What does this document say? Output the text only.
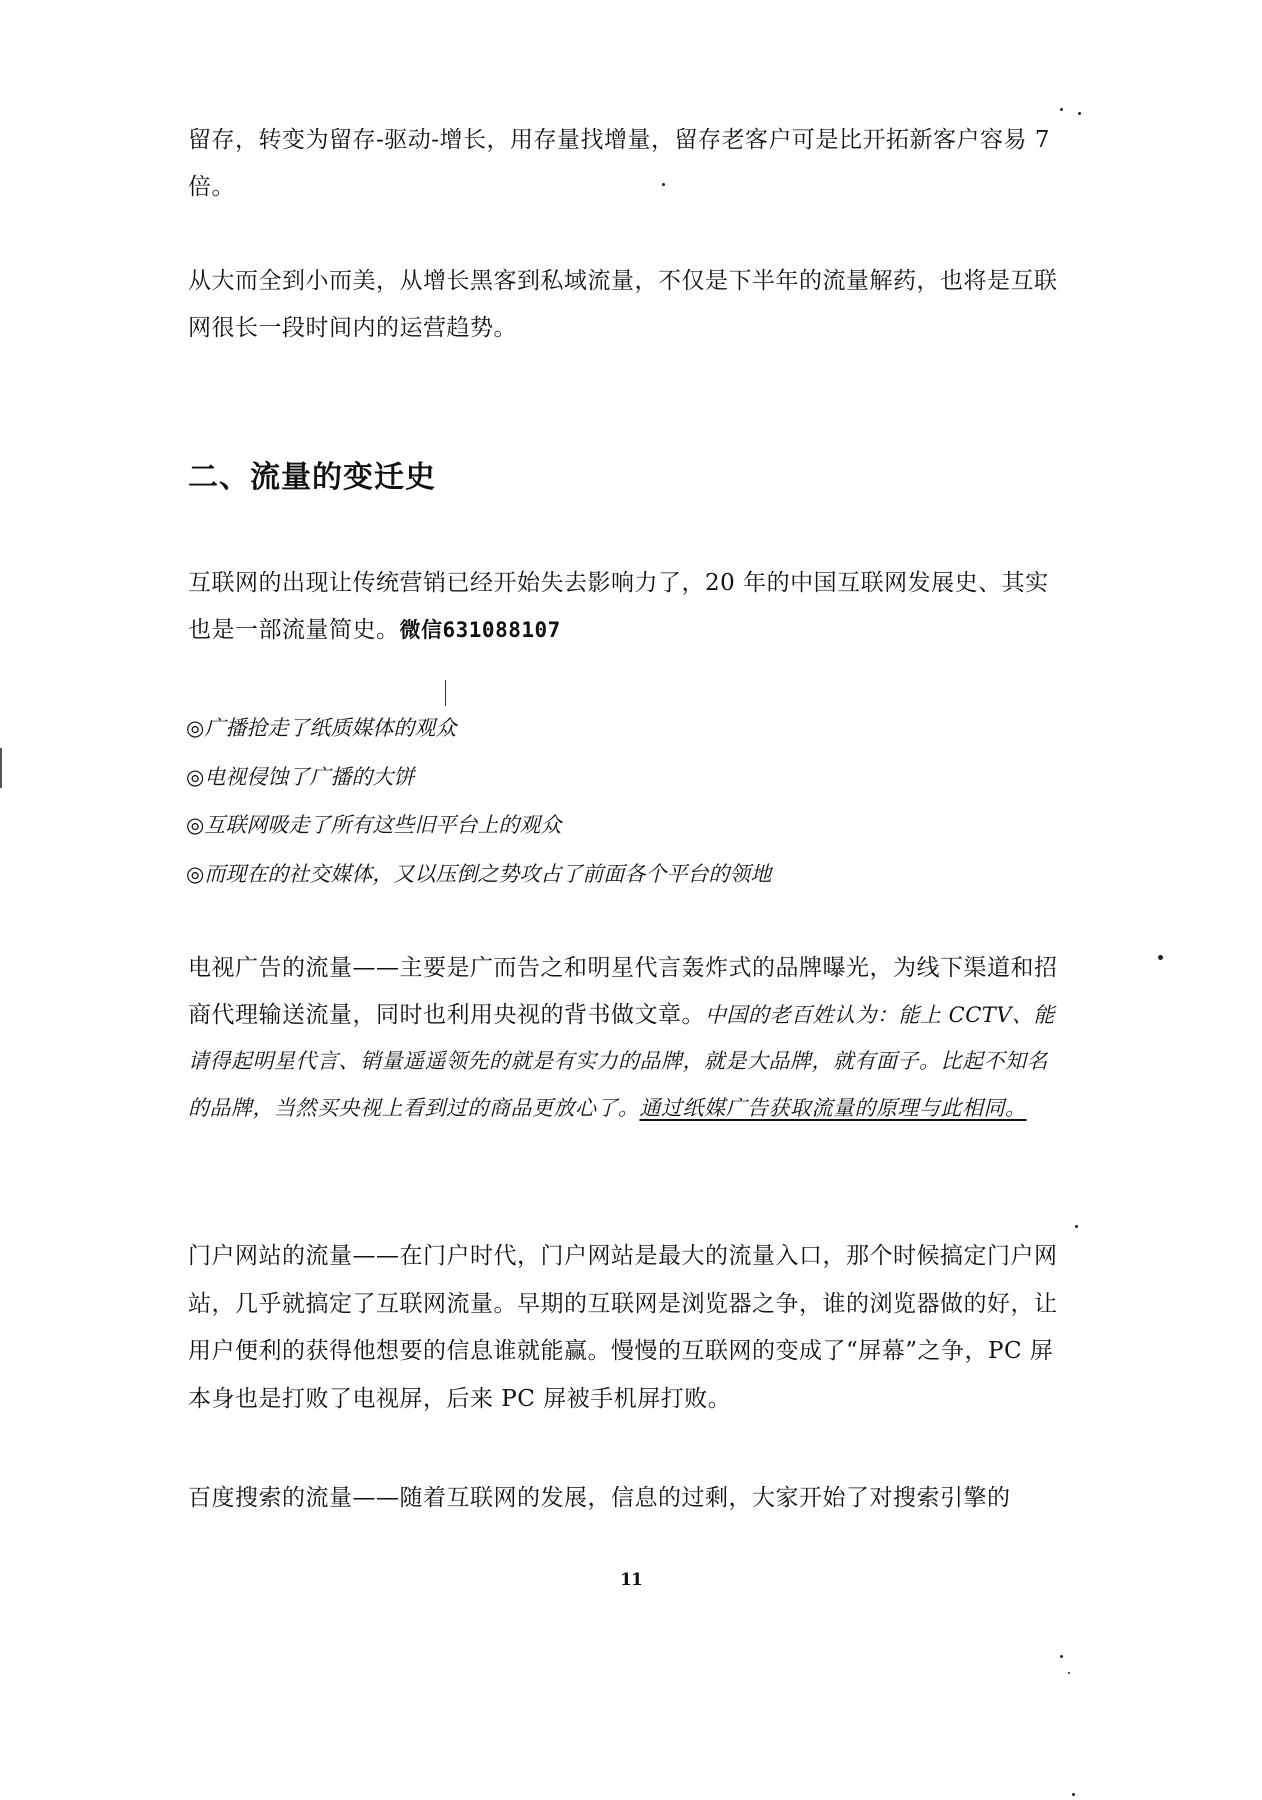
留存，转变为留存-驱动-增长，用存量找增量，留存老客户可是比开拓新客户容易 7 倍。

从大而全到小而美，从增长黑客到私域流量，不仅是下半年的流量解药，也将是互联网很长一段时间内的运营趋势。

二、流量的变迁史

互联网的出现让传统营销已经开始失去影响力了，20 年的中国互联网发展史、其实也是一部流量简史。微信631088107

◎广播抢走了纸质媒体的观众
◎电视侵蚀了广播的大饼
◎互联网吸走了所有这些旧平台上的观众
◎而现在的社交媒体，又以压倒之势攻占了前面各个平台的领地

电视广告的流量——主要是广而告之和明星代言轰炸式的品牌曝光，为线下渠道和招商代理输送流量，同时也利用央视的背书做文章。中国的老百姓认为：能上 CCTV、能请得起明星代言、销量遥遥领先的就是有实力的品牌，就是大品牌，就有面子。比起不知名的品牌，当然买央视上看到过的商品更放心了。通过纸媒广告获取流量的原理与此相同。

门户网站的流量——在门户时代，门户网站是最大的流量入口，那个时候搞定门户网站，几乎就搞定了互联网流量。早期的互联网是浏览器之争，谁的浏览器做的好，让用户便利的获得他想要的信息谁就能赢。慢慢的互联网的变成了“屏幕”之争，PC 屏本身也是打败了电视屏，后来 PC 屏被手机屏打败。

百度搜索的流量——随着互联网的发展，信息的过剩，大家开始了对搜索引擎的

11
